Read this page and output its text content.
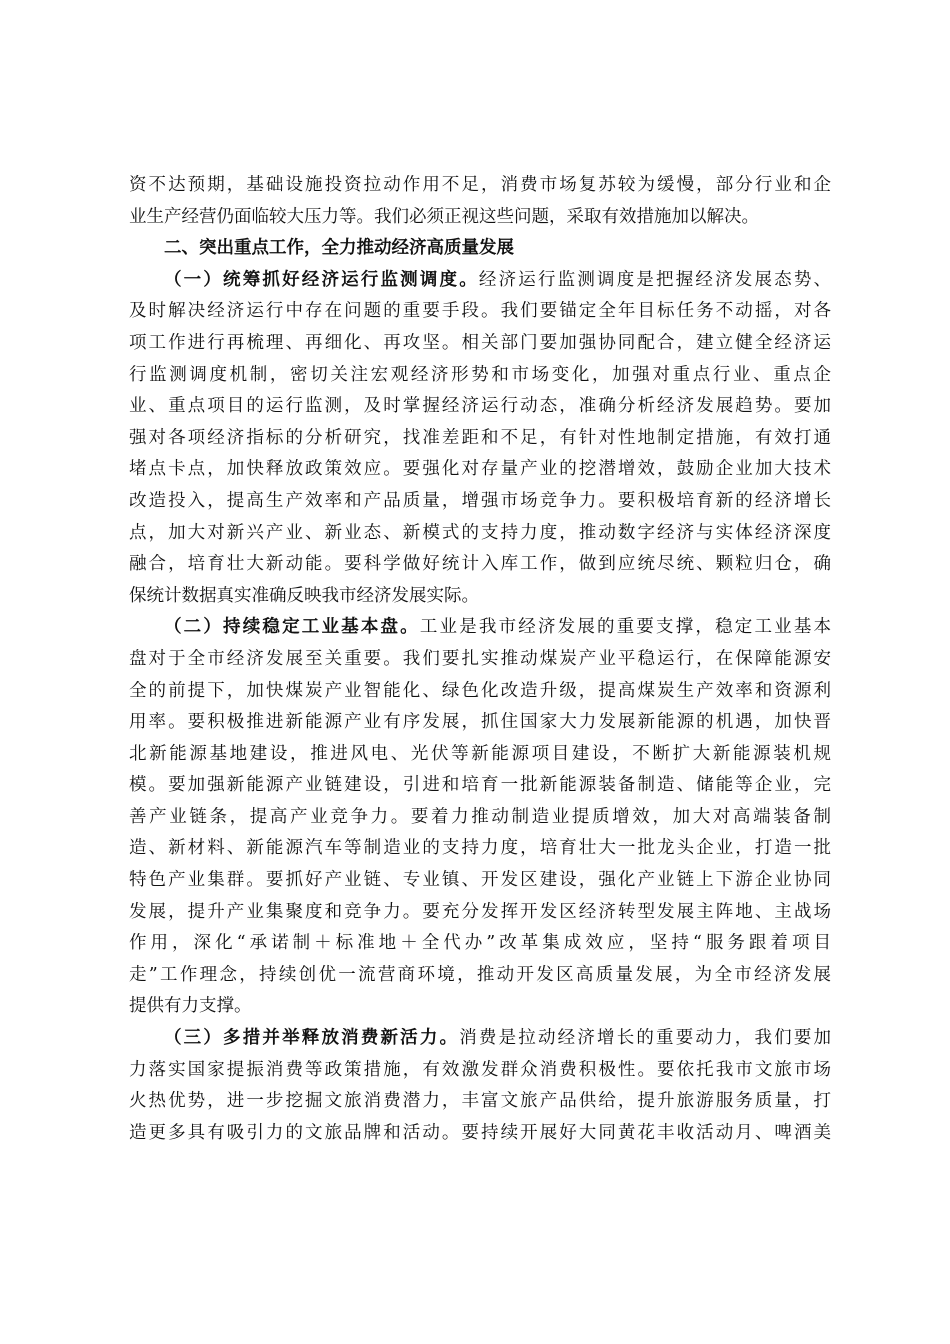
资不达预期，基础设施投资拉动作用不足，消费市场复苏较为缓慢，部分行业和企
业生产经营仍面临较大压力等。我们必须正视这些问题，采取有效措施加以解决。
二、突出重点工作，全力推动经济高质量发展
（一）统筹抓好经济运行监测调度。经济运行监测调度是把握经济发展态势、
及时解决经济运行中存在问题的重要手段。我们要锚定全年目标任务不动摇，对各
项工作进行再梳理、再细化、再攻坚。相关部门要加强协同配合，建立健全经济运
行监测调度机制，密切关注宏观经济形势和市场变化，加强对重点行业、重点企
业、重点项目的运行监测，及时掌握经济运行动态，准确分析经济发展趋势。要加
强对各项经济指标的分析研究，找准差距和不足，有针对性地制定措施，有效打通
堵点卡点，加快释放政策效应。要强化对存量产业的挖潜增效，鼓励企业加大技术
改造投入，提高生产效率和产品质量，增强市场竞争力。要积极培育新的经济增长
点，加大对新兴产业、新业态、新模式的支持力度，推动数字经济与实体经济深度
融合，培育壮大新动能。要科学做好统计入库工作，做到应统尽统、颗粒归仓，确
保统计数据真实准确反映我市经济发展实际。
（二）持续稳定工业基本盘。工业是我市经济发展的重要支撑，稳定工业基本
盘对于全市经济发展至关重要。我们要扎实推动煤炭产业平稳运行，在保障能源安
全的前提下，加快煤炭产业智能化、绿色化改造升级，提高煤炭生产效率和资源利
用率。要积极推进新能源产业有序发展，抓住国家大力发展新能源的机遇，加快晋
北新能源基地建设，推进风电、光伏等新能源项目建设，不断扩大新能源装机规
模。要加强新能源产业链建设，引进和培育一批新能源装备制造、储能等企业，完
善产业链条，提高产业竞争力。要着力推动制造业提质增效，加大对高端装备制
造、新材料、新能源汽车等制造业的支持力度，培育壮大一批龙头企业，打造一批
特色产业集群。要抓好产业链、专业镇、开发区建设，强化产业链上下游企业协同
发展，提升产业集聚度和竞争力。要充分发挥开发区经济转型发展主阵地、主战场
作用，深化“承诺制＋标准地＋全代办”改革集成效应，坚持“服务跟着项目
走”工作理念，持续创优一流营商环境，推动开发区高质量发展，为全市经济发展
提供有力支撑。
（三）多措并举释放消费新活力。消费是拉动经济增长的重要动力，我们要加
力落实国家提振消费等政策措施，有效激发群众消费积极性。要依托我市文旅市场
火热优势，进一步挖掘文旅消费潜力，丰富文旅产品供给，提升旅游服务质量，打
造更多具有吸引力的文旅品牌和活动。要持续开展好大同黄花丰收活动月、啤酒美
